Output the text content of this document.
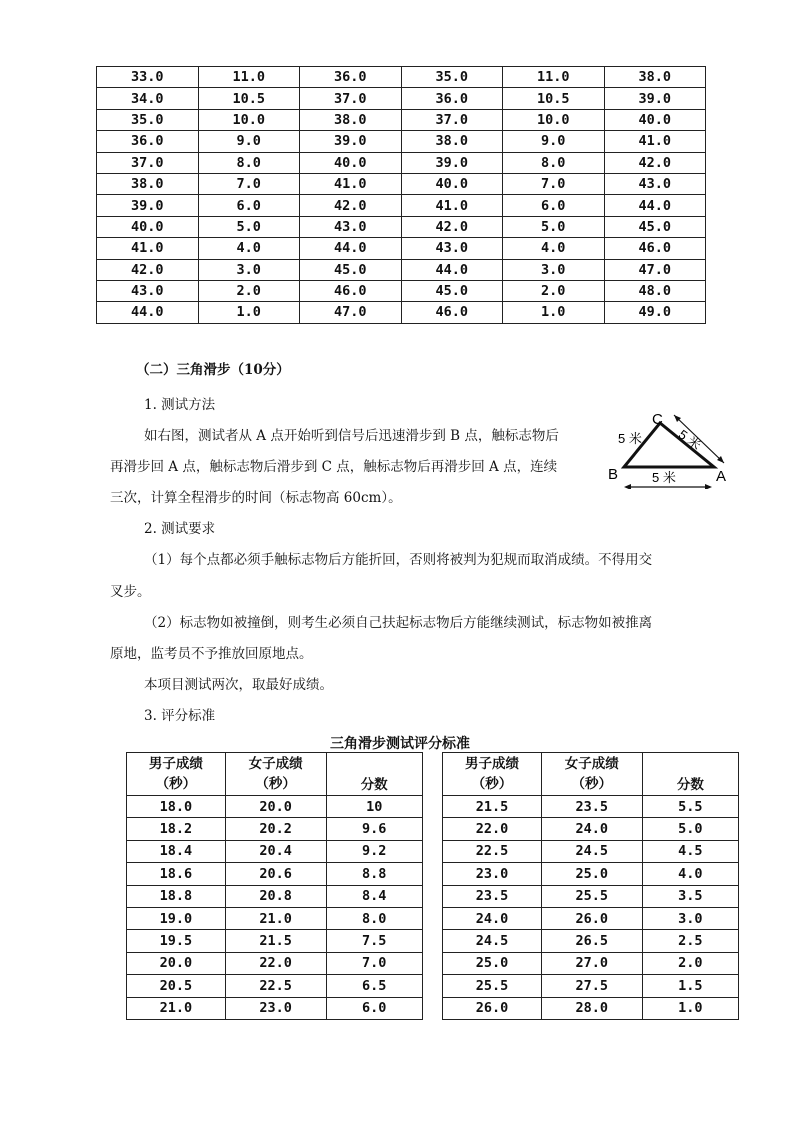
33.0	11.0	36.0	35.0	11.0	38.0
34.0	10.5	37.0	36.0	10.5	39.0
35.0	10.0	38.0	37.0	10.0	40.0
36.0	9.0	39.0	38.0	9.0	41.0
37.0	8.0	40.0	39.0	8.0	42.0
38.0	7.0	41.0	40.0	7.0	43.0
39.0	6.0	42.0	41.0	6.0	44.0
40.0	5.0	43.0	42.0	5.0	45.0
41.0	4.0	44.0	43.0	4.0	46.0
42.0	3.0	45.0	44.0	3.0	47.0
43.0	2.0	46.0	45.0	2.0	48.0
44.0	1.0	47.0	46.0	1.0	49.0
（二）三角滑步（10分）
1. 测试方法
如右图，测试者从 A 点开始听到信号后迅速滑步到 B 点，触标志物后
再滑步回 A 点，触标志物后滑步到 C 点，触标志物后再滑步回 A 点，连续
三次，计算全程滑步的时间（标志物高 60cm）。
C
B	A
5 米	5 米
5 米
2. 测试要求
（1）每个点都必须手触标志物后方能折回，否则将被判为犯规而取消成绩。不得用交
叉步。
（2）标志物如被撞倒，则考生必须自己扶起标志物后方能继续测试，标志物如被推离
原地，监考员不予推放回原地点。
本项目测试两次，取最好成绩。
3. 评分标准
三角滑步测试评分标准
男子成绩
（秒）	女子成绩
（秒）	分数		男子成绩
（秒）	女子成绩
（秒）	分数
18.0	20.0	10		21.5	23.5	5.5
18.2	20.2	9.6		22.0	24.0	5.0
18.4	20.4	9.2		22.5	24.5	4.5
18.6	20.6	8.8		23.0	25.0	4.0
18.8	20.8	8.4		23.5	25.5	3.5
19.0	21.0	8.0		24.0	26.0	3.0
19.5	21.5	7.5		24.5	26.5	2.5
20.0	22.0	7.0		25.0	27.0	2.0
20.5	22.5	6.5		25.5	27.5	1.5
21.0	23.0	6.0		26.0	28.0	1.0
